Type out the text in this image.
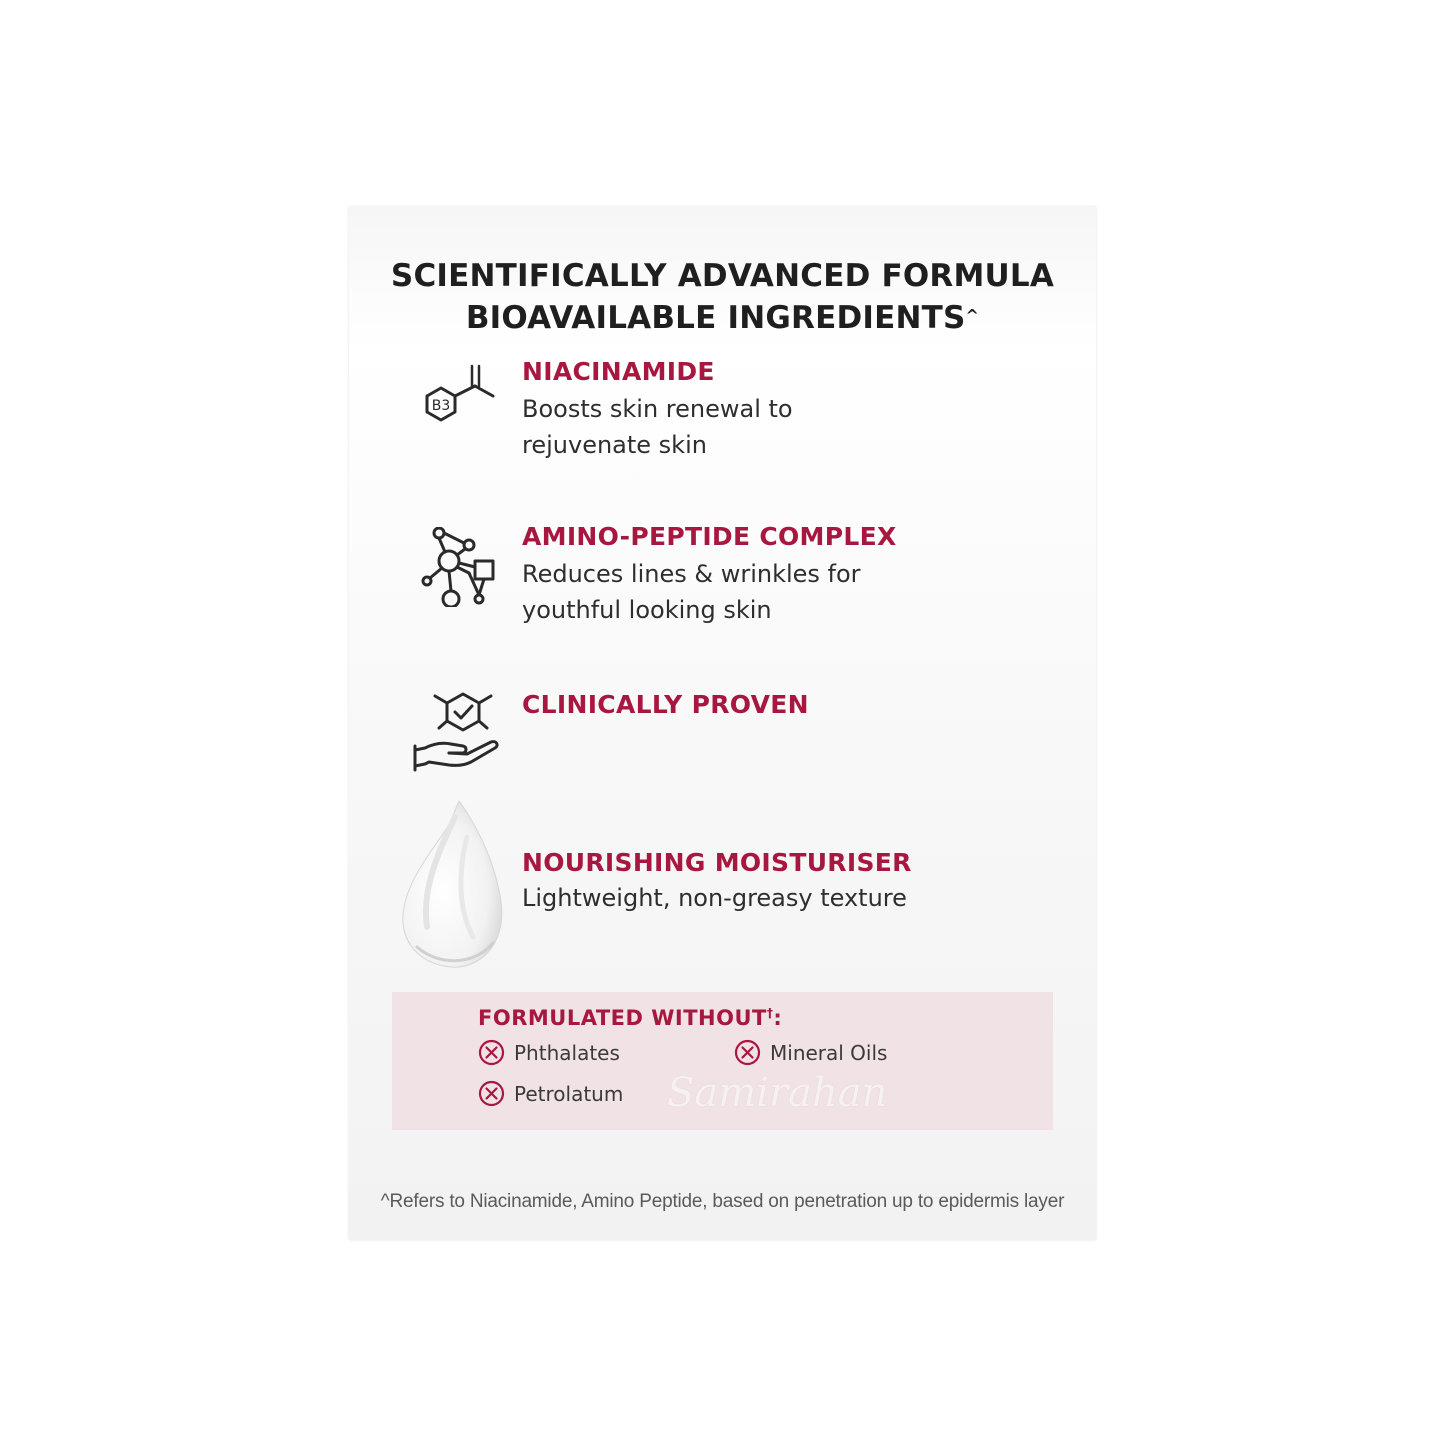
SCIENTIFICALLY ADVANCED FORMULA
BIOAVAILABLE INGREDIENTS^
B3
NIACINAMIDE
Boosts skin renewal to
rejuvenate skin
AMINO-PEPTIDE COMPLEX
Reduces lines & wrinkles for
youthful looking skin
CLINICALLY PROVEN
NOURISHING MOISTURISER
Lightweight, non-greasy texture
FORMULATED WITHOUT†:
Phthalates	Mineral Oils
Petrolatum Samirahan
^Refers to Niacinamide, Amino Peptide, based on penetration up to epidermis layer
